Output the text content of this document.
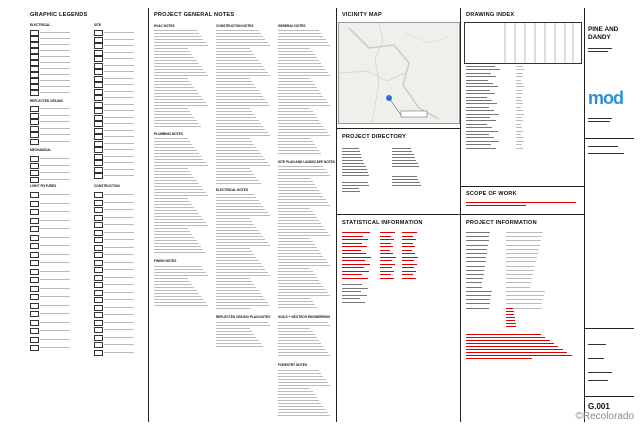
GRAPHIC LEGENDS
ELECTRICAL	SITE
REFLECTED CEILING
MECHANICAL
LIGHT FIXTURES	CONSTRUCTION
PROJECT GENERAL NOTES
HVAC NOTES	CONSTRUCTION NOTES	GENERAL NOTES
PLUMBING NOTES
ELECTRICAL NOTES
SITE PLAN AND LANDSCAPE NOTES
FINISH NOTES
REFLECTED CEILING PLAN NOTES SOILS + GEOTECH ENGINEERING
FORESTRY NOTES
VICINITY MAP
PROJECT DIRECTORY
STATISTICAL INFORMATION
DRAWING INDEX
SCOPE OF WORK
PROJECT INFORMATION
PINE AND
DANDY
mod
G.001
©Recolorado
